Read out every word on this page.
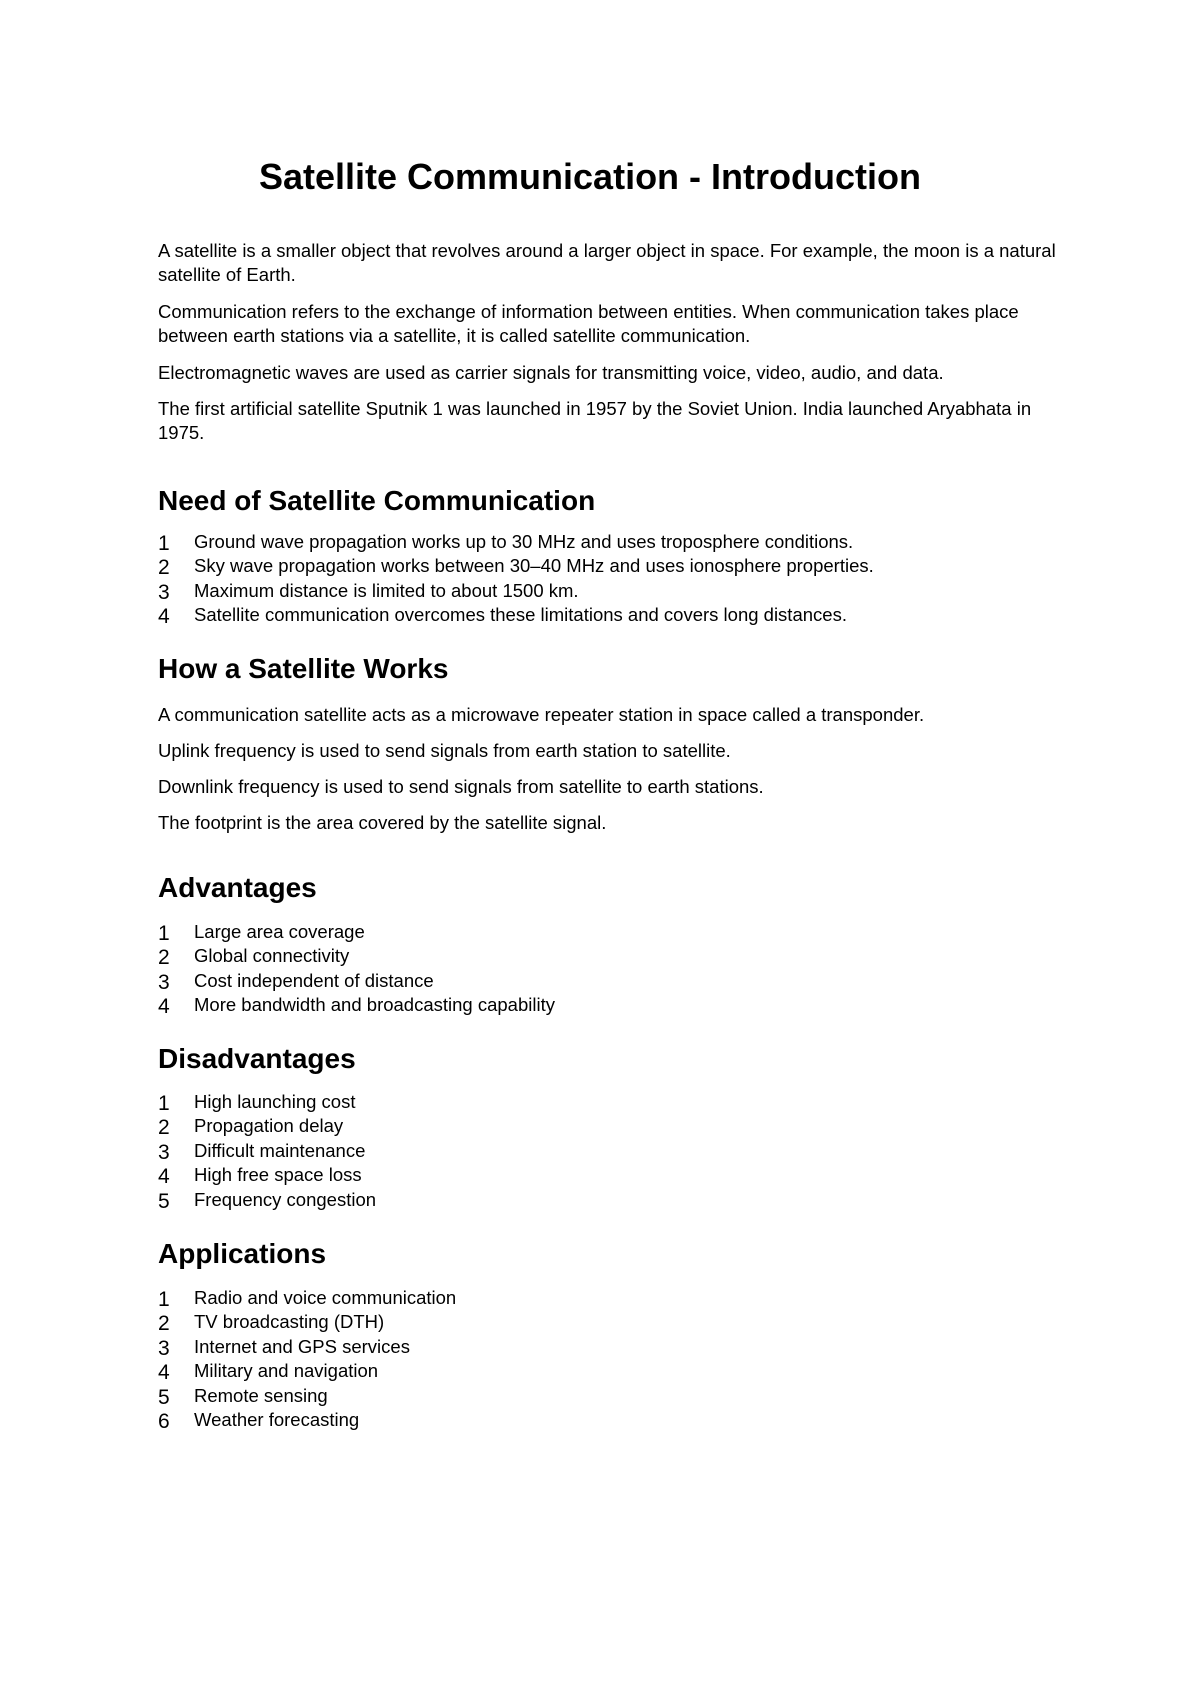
Satellite Communication - Introduction

A satellite is a smaller object that revolves around a larger object in space. For example, the moon is a natural satellite of Earth.

Communication refers to the exchange of information between entities. When communication takes place between earth stations via a satellite, it is called satellite communication.

Electromagnetic waves are used as carrier signals for transmitting voice, video, audio, and data.

The first artificial satellite Sputnik 1 was launched in 1957 by the Soviet Union. India launched Aryabhata in 1975.

Need of Satellite Communication
1 Ground wave propagation works up to 30 MHz and uses troposphere conditions.
2 Sky wave propagation works between 30–40 MHz and uses ionosphere properties.
3 Maximum distance is limited to about 1500 km.
4 Satellite communication overcomes these limitations and covers long distances.
How a Satellite Works

A communication satellite acts as a microwave repeater station in space called a transponder.

Uplink frequency is used to send signals from earth station to satellite.

Downlink frequency is used to send signals from satellite to earth stations.

The footprint is the area covered by the satellite signal.

Advantages
1 Large area coverage
2 Global connectivity
3 Cost independent of distance
4 More bandwidth and broadcasting capability
Disadvantages
1 High launching cost
2 Propagation delay
3 Difficult maintenance
4 High free space loss
5 Frequency congestion
Applications
1 Radio and voice communication
2 TV broadcasting (DTH)
3 Internet and GPS services
4 Military and navigation
5 Remote sensing
6 Weather forecasting
